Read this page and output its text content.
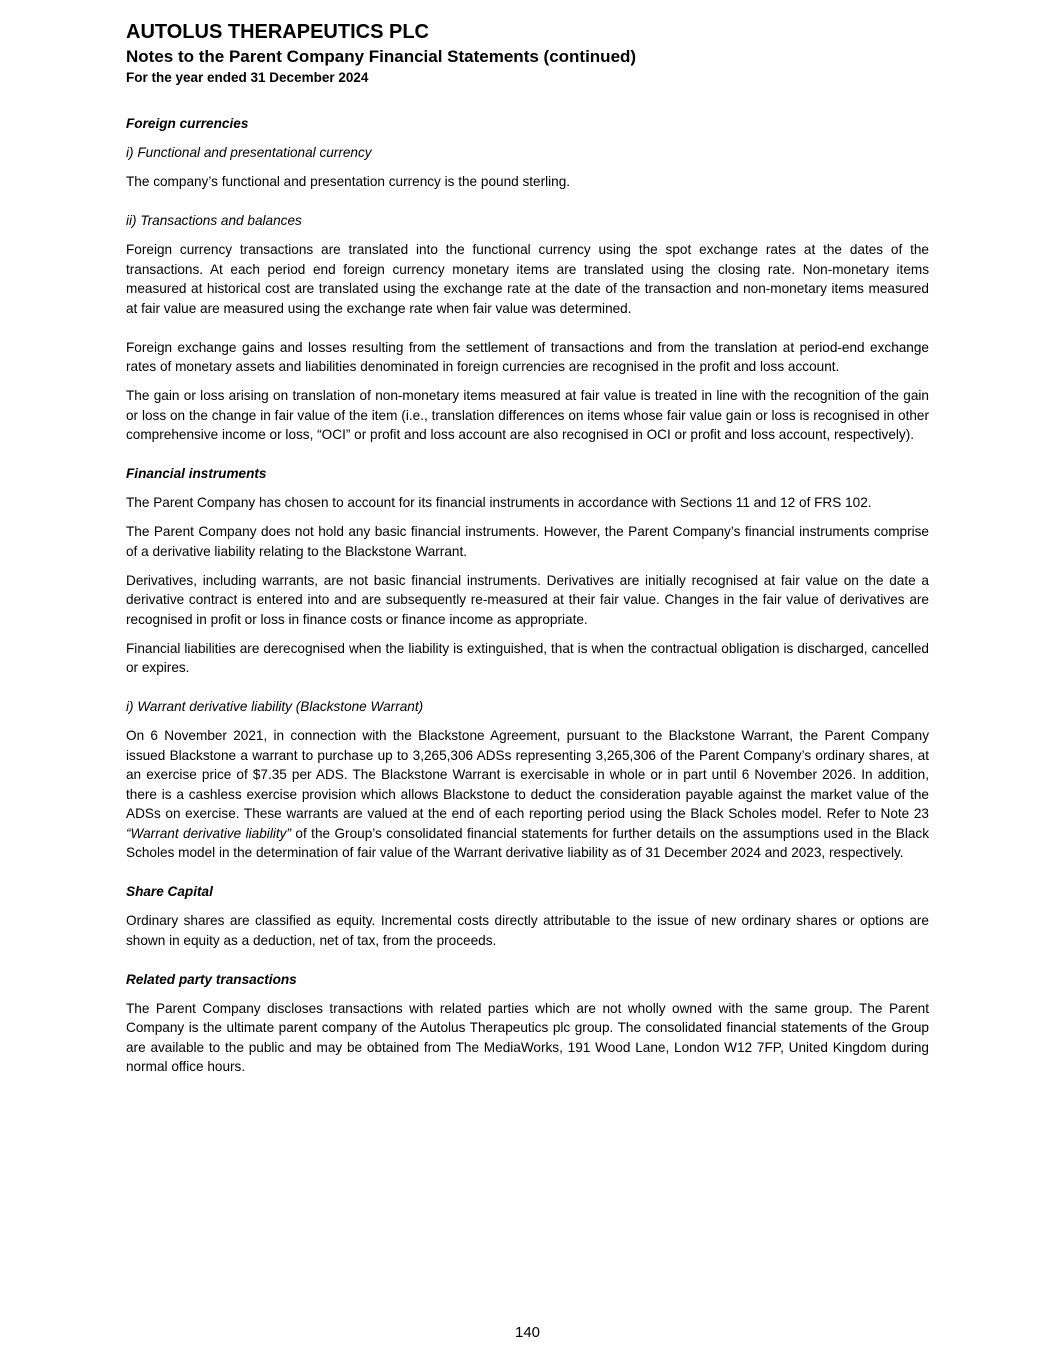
AUTOLUS THERAPEUTICS PLC
Notes to the Parent Company Financial Statements (continued)
For the year ended 31 December 2024
Foreign currencies
i) Functional and presentational currency

The company’s functional and presentation currency is the pound sterling.

ii) Transactions and balances

Foreign currency transactions are translated into the functional currency using the spot exchange rates at the dates of the transactions. At each period end foreign currency monetary items are translated using the closing rate. Non-monetary items measured at historical cost are translated using the exchange rate at the date of the transaction and non-monetary items measured at fair value are measured using the exchange rate when fair value was determined.

Foreign exchange gains and losses resulting from the settlement of transactions and from the translation at period-end exchange rates of monetary assets and liabilities denominated in foreign currencies are recognised in the profit and loss account.

The gain or loss arising on translation of non-monetary items measured at fair value is treated in line with the recognition of the gain or loss on the change in fair value of the item (i.e., translation differences on items whose fair value gain or loss is recognised in other comprehensive income or loss, “OCI” or profit and loss account are also recognised in OCI or profit and loss account, respectively).

Financial instruments

The Parent Company has chosen to account for its financial instruments in accordance with Sections 11 and 12 of FRS 102.

The Parent Company does not hold any basic financial instruments. However, the Parent Company’s financial instruments comprise of a derivative liability relating to the Blackstone Warrant.

Derivatives, including warrants, are not basic financial instruments. Derivatives are initially recognised at fair value on the date a derivative contract is entered into and are subsequently re-measured at their fair value. Changes in the fair value of derivatives are recognised in profit or loss in finance costs or finance income as appropriate.

Financial liabilities are derecognised when the liability is extinguished, that is when the contractual obligation is discharged, cancelled or expires.

i) Warrant derivative liability (Blackstone Warrant)

On 6 November 2021, in connection with the Blackstone Agreement, pursuant to the Blackstone Warrant, the Parent Company issued Blackstone a warrant to purchase up to 3,265,306 ADSs representing 3,265,306 of the Parent Company’s ordinary shares, at an exercise price of $7.35 per ADS. The Blackstone Warrant is exercisable in whole or in part until 6 November 2026. In addition, there is a cashless exercise provision which allows Blackstone to deduct the consideration payable against the market value of the ADSs on exercise. These warrants are valued at the end of each reporting period using the Black Scholes model. Refer to Note 23 “Warrant derivative liability” of the Group’s consolidated financial statements for further details on the assumptions used in the Black Scholes model in the determination of fair value of the Warrant derivative liability as of 31 December 2024 and 2023, respectively.

Share Capital

Ordinary shares are classified as equity. Incremental costs directly attributable to the issue of new ordinary shares or options are shown in equity as a deduction, net of tax, from the proceeds.

Related party transactions

The Parent Company discloses transactions with related parties which are not wholly owned with the same group. The Parent Company is the ultimate parent company of the Autolus Therapeutics plc group. The consolidated financial statements of the Group are available to the public and may be obtained from The MediaWorks, 191 Wood Lane, London W12 7FP, United Kingdom during normal office hours.

140
